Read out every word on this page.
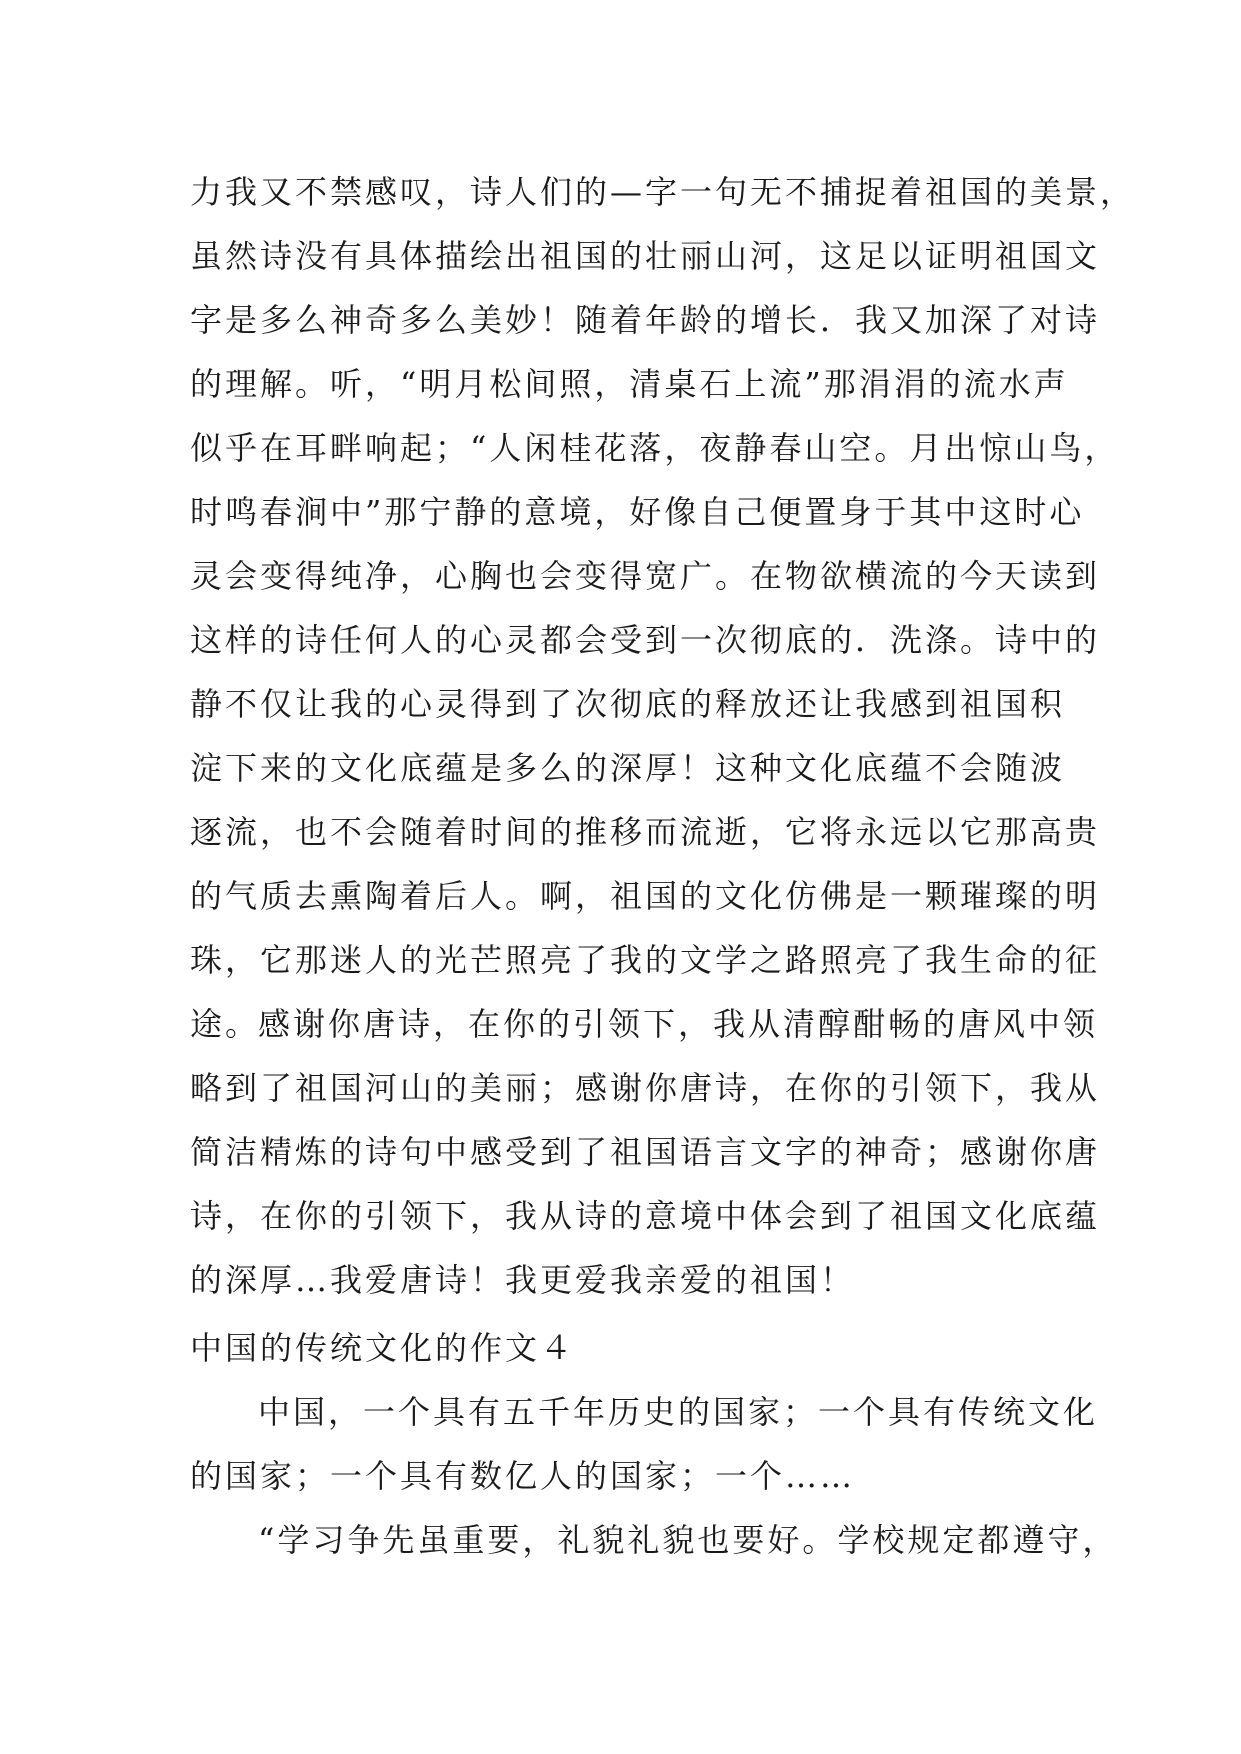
力我又不禁感叹，诗人们的—字一句无不捕捉着祖国的美景，
虽然诗没有具体描绘出祖国的壮丽山河，这足以证明祖国文
字是多么神奇多么美妙！随着年龄的增长．我又加深了对诗
的理解。听，“明月松间照，清桌石上流”那涓涓的流水声
似乎在耳畔响起；“人闲桂花落，夜静春山空。月出惊山鸟，
时鸣春涧中”那宁静的意境，好像自己便置身于其中这时心
灵会变得纯净，心胸也会变得宽广。在物欲横流的今天读到
这样的诗任何人的心灵都会受到一次彻底的．洗涤。诗中的
静不仅让我的心灵得到了次彻底的释放还让我感到祖国积
淀下来的文化底蕴是多么的深厚！这种文化底蕴不会随波
逐流，也不会随着时间的推移而流逝，它将永远以它那高贵
的气质去熏陶着后人。啊，祖国的文化仿佛是一颗璀璨的明
珠，它那迷人的光芒照亮了我的文学之路照亮了我生命的征
途。
感谢你唐诗，在你的引领下，我从清醇酣畅的唐风中领
略到了祖国河山的美丽；感谢你唐诗，在你的引领下，我从
简洁精炼的诗句中感受到了祖国语言文字的神奇；感谢你唐
诗，在你的引领下，我从诗的意境中体会到了祖国文化底蕴
的深厚…我爱唐诗！我更爱我亲爱的祖国！
中国的传统文化的作文４
中国，一个具有五千年历史的国家；一个具有传统文化
的国家；一个具有数亿人的国家；一个……
“学习争先虽重要，礼貌礼貌也要好。学校规定都遵守，
